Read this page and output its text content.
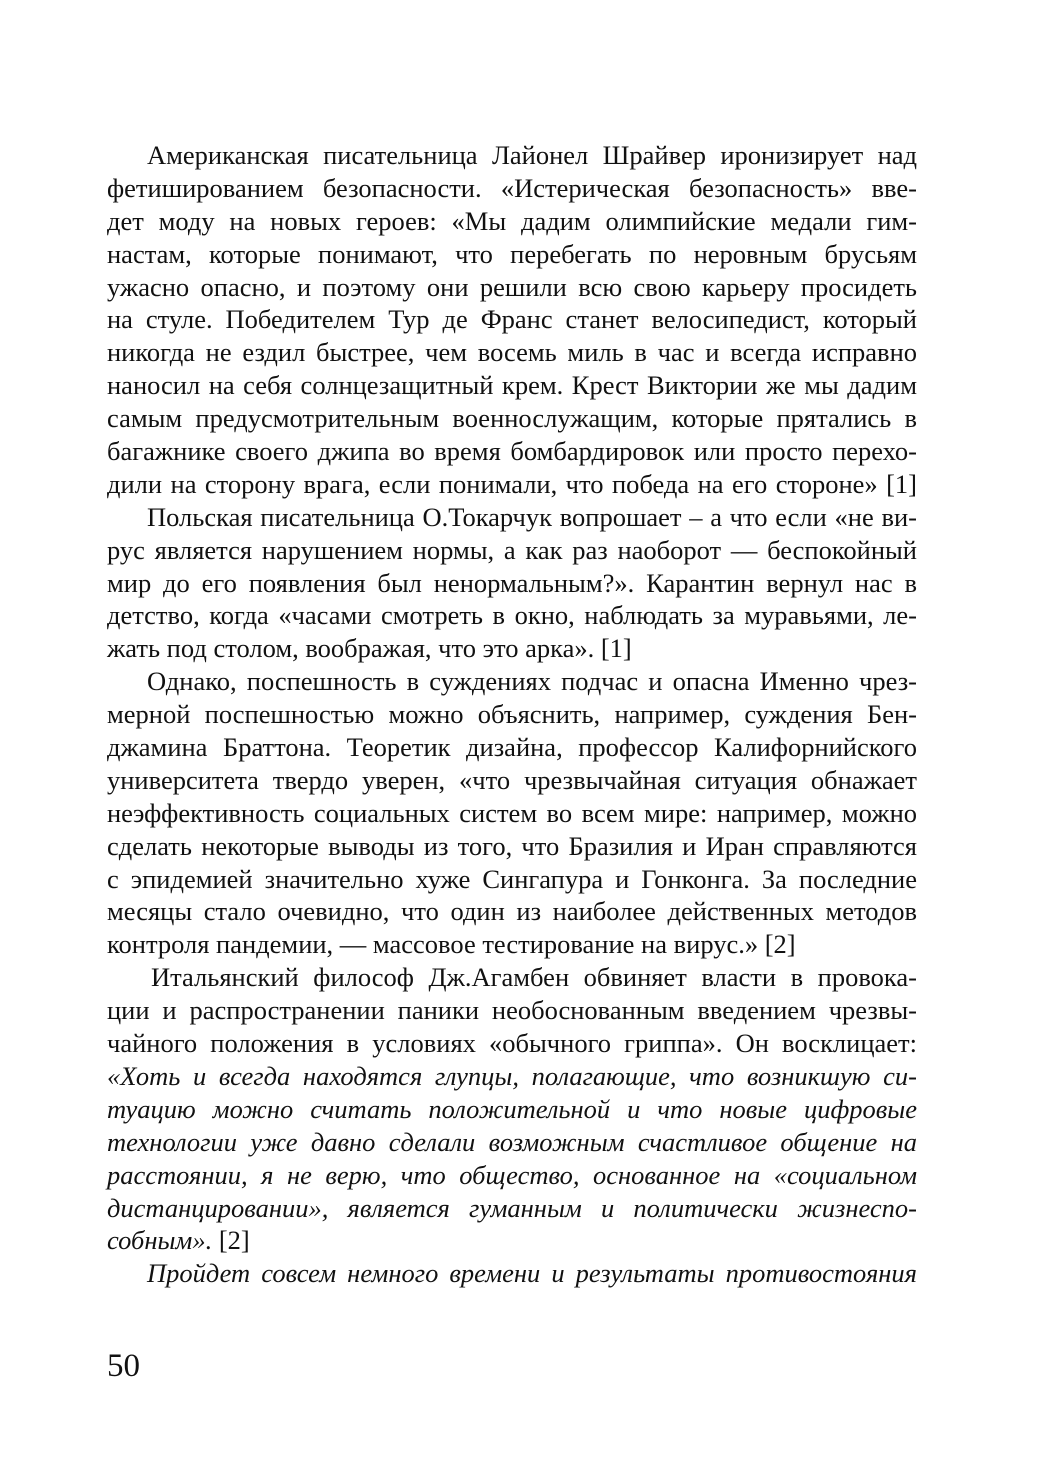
Американская писательница Лайонел Шрайвер иронизирует над
фетишированием безопасности. «Истерическая безопасность» вве-
дет моду на новых героев: «Мы дадим олимпийские медали гим-
настам, которые понимают, что перебегать по неровным брусьям
ужасно опасно, и поэтому они решили всю свою карьеру просидеть
на стуле. Победителем Тур де Франс станет велосипедист, который
никогда не ездил быстрее, чем восемь миль в час и всегда исправно
наносил на себя солнцезащитный крем. Крест Виктории же мы дадим
самым предусмотрительным военнослужащим, которые прятались в
багажнике своего джипа во время бомбардировок или просто перехо-
дили на сторону врага, если понимали, что победа на его стороне» [1]
Польская писательница О.Токарчук вопрошает – а что если «не ви-
рус является нарушением нормы, а как раз наоборот — беспокойный
мир до его появления был ненормальным?». Карантин вернул нас в
детство, когда «часами смотреть в окно, наблюдать за муравьями, ле-
жать под столом, воображая, что это арка». [1]
Однако, поспешность в суждениях подчас и опасна Именно чрез-
мерной поспешностью можно объяснить, например, суждения Бен-
джамина Браттона. Теоретик дизайна, профессор Калифорнийского
университета твердо уверен, «что чрезвычайная ситуация обнажает
неэффективность социальных систем во всем мире: например, можно
сделать некоторые выводы из того, что Бразилия и Иран справляются
с эпидемией значительно хуже Сингапура и Гонконга. За последние
месяцы стало очевидно, что один из наиболее действенных методов
контроля пандемии, — массовое тестирование на вирус.» [2]
Итальянский философ Дж.Агамбен обвиняет власти в провока-
ции и распространении паники необоснованным введением чрезвы-
чайного положения в условиях «обычного гриппа». Он восклицает:
«Хоть и всегда находятся глупцы, полагающие, что возникшую си-
туацию можно считать положительной и что новые цифровые
технологии уже давно сделали возможным счастливое общение на
расстоянии, я не верю, что общество, основанное на «социальном
дистанцировании», является гуманным и политически жизнеспо-
собным». [2]
Пройдет совсем немного времени и результаты противостояния
50
